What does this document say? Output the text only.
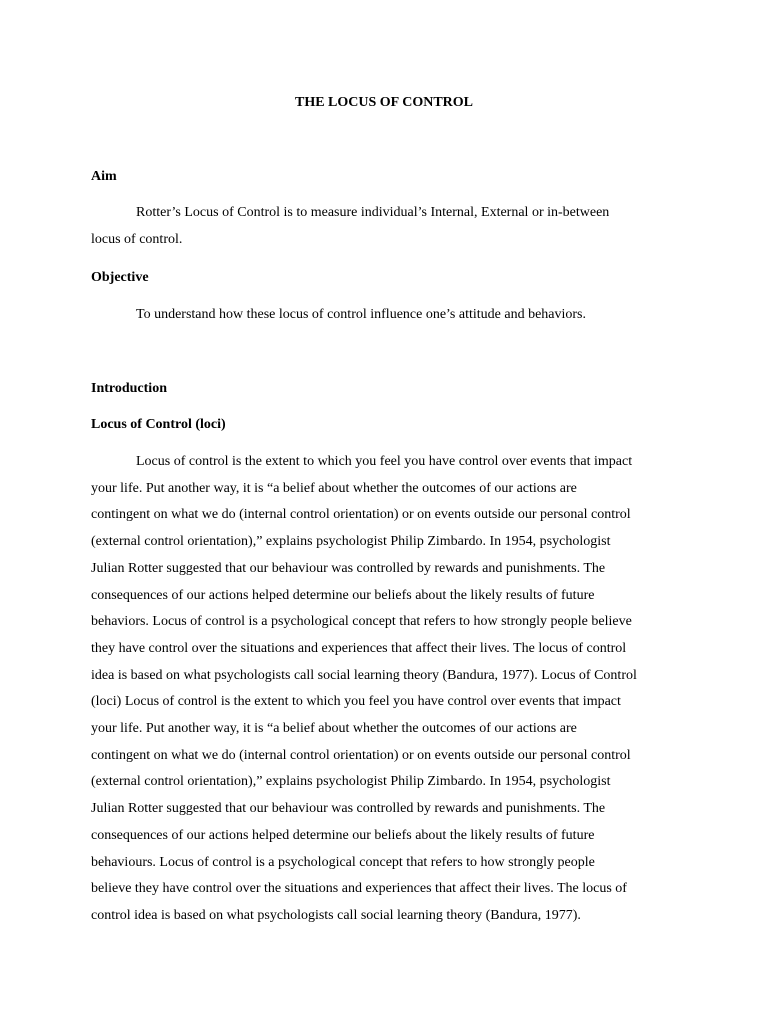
THE LOCUS OF CONTROL
Aim
Rotter’s Locus of Control is to measure individual’s Internal, External or in-between
locus of control.
Objective

To understand how these locus of control influence one’s attitude and behaviors.

Introduction
Locus of Control (loci)
Locus of control is the extent to which you feel you have control over events that impact
your life. Put another way, it is “a belief about whether the outcomes of our actions are
contingent on what we do (internal control orientation) or on events outside our personal control
(external control orientation),” explains psychologist Philip Zimbardo. In 1954, psychologist
Julian Rotter suggested that our behaviour was controlled by rewards and punishments. The
consequences of our actions helped determine our beliefs about the likely results of future
behaviors. Locus of control is a psychological concept that refers to how strongly people believe
they have control over the situations and experiences that affect their lives. The locus of control
idea is based on what psychologists call social learning theory (Bandura, 1977). Locus of Control
(loci) Locus of control is the extent to which you feel you have control over events that impact
your life. Put another way, it is “a belief about whether the outcomes of our actions are
contingent on what we do (internal control orientation) or on events outside our personal control
(external control orientation),” explains psychologist Philip Zimbardo. In 1954, psychologist
Julian Rotter suggested that our behaviour was controlled by rewards and punishments. The
consequences of our actions helped determine our beliefs about the likely results of future
behaviours. Locus of control is a psychological concept that refers to how strongly people
believe they have control over the situations and experiences that affect their lives. The locus of
control idea is based on what psychologists call social learning theory (Bandura, 1977).
